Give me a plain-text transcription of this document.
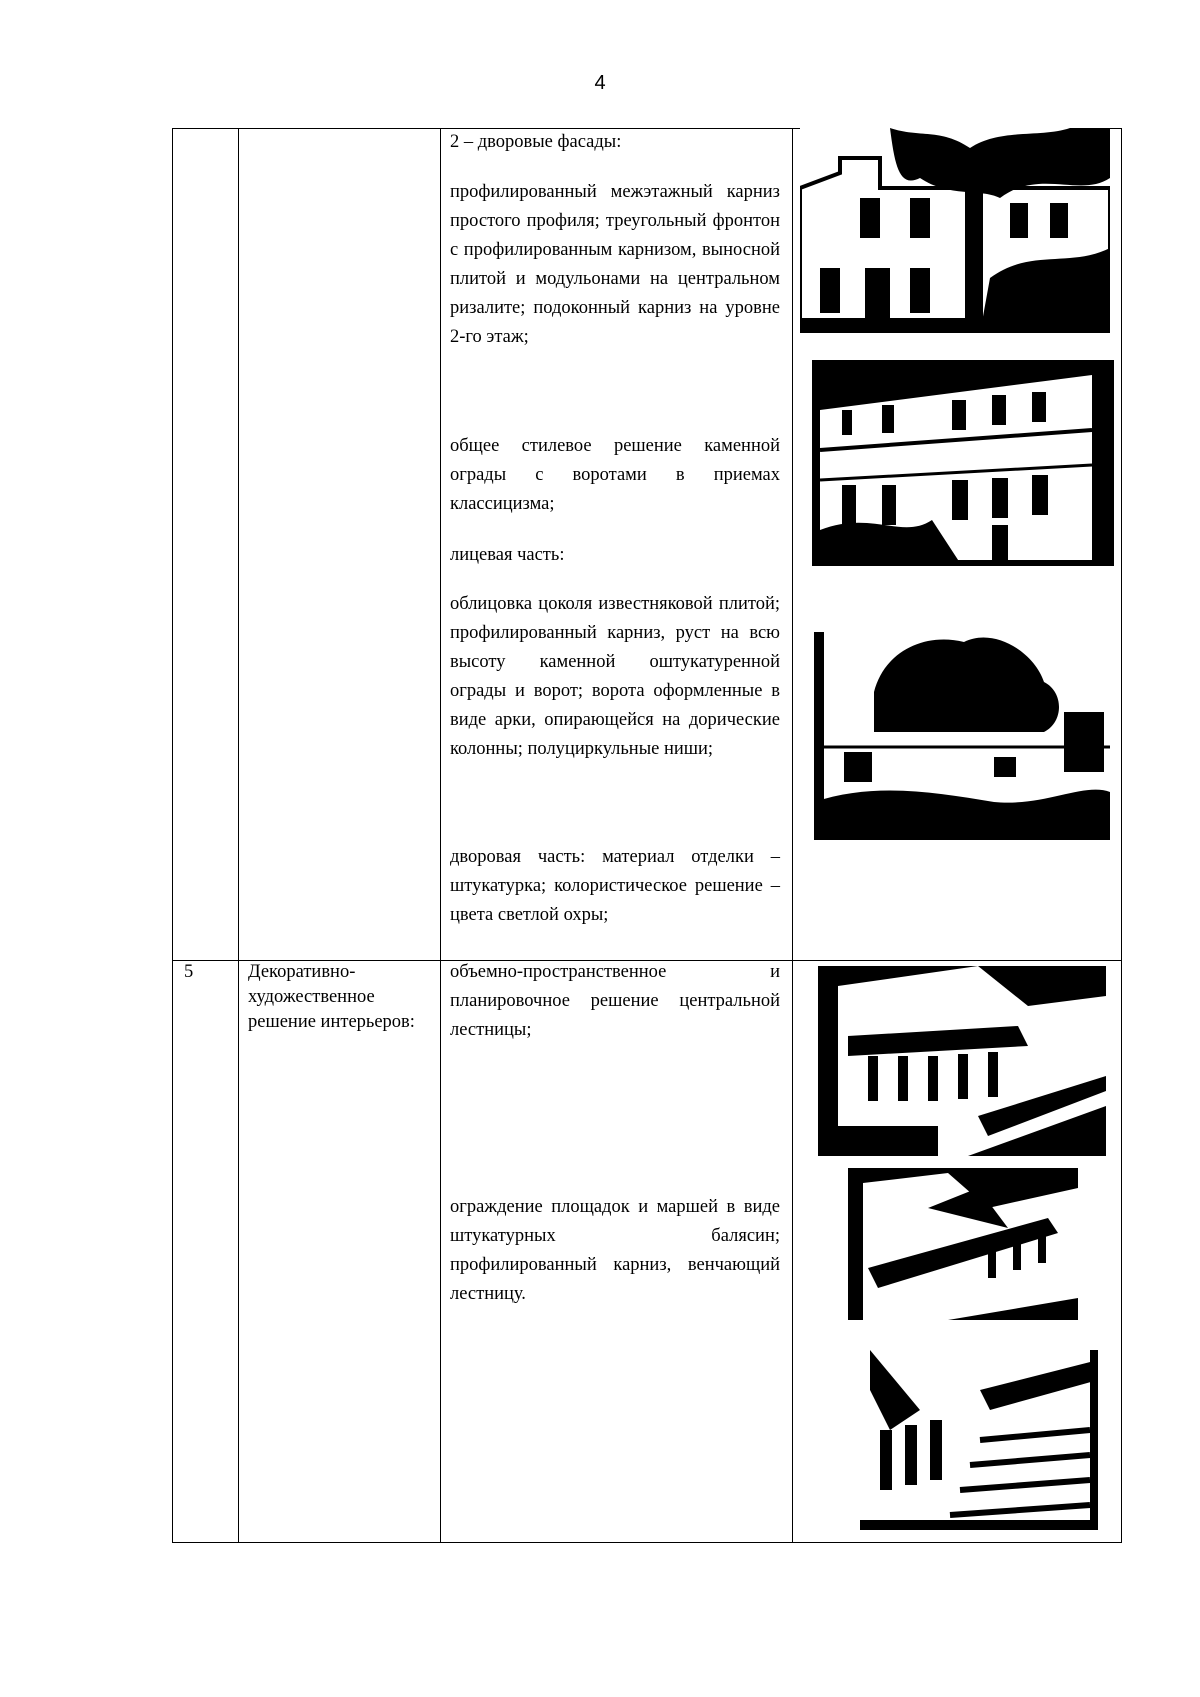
4
2 – дворовые фасады:
профилированный межэтажный карниз простого профиля; треугольный фронтон с профилированным карнизом, выносной плитой и модульонами на центральном ризалите; подоконный карниз на уровне 2-го этаж;
общее стилевое решение каменной ограды с воротами в приемах классицизма;
лицевая часть:
облицовка цоколя известняковой плитой; профилированный карниз, руст на всю высоту каменной оштукатуренной ограды и ворот; ворота оформленные в виде арки, опирающейся на дорические колонны; полуциркульные ниши;
дворовая часть: материал отделки – штукатурка; колористическое решение – цвета светлой охры;
5	Декоративно-художественное решение интерьеров:
объемно-пространственное и планировочное решение центральной лестницы;
ограждение площадок и маршей в виде штукатурных балясин; профилированный карниз, венчающий лестницу.
